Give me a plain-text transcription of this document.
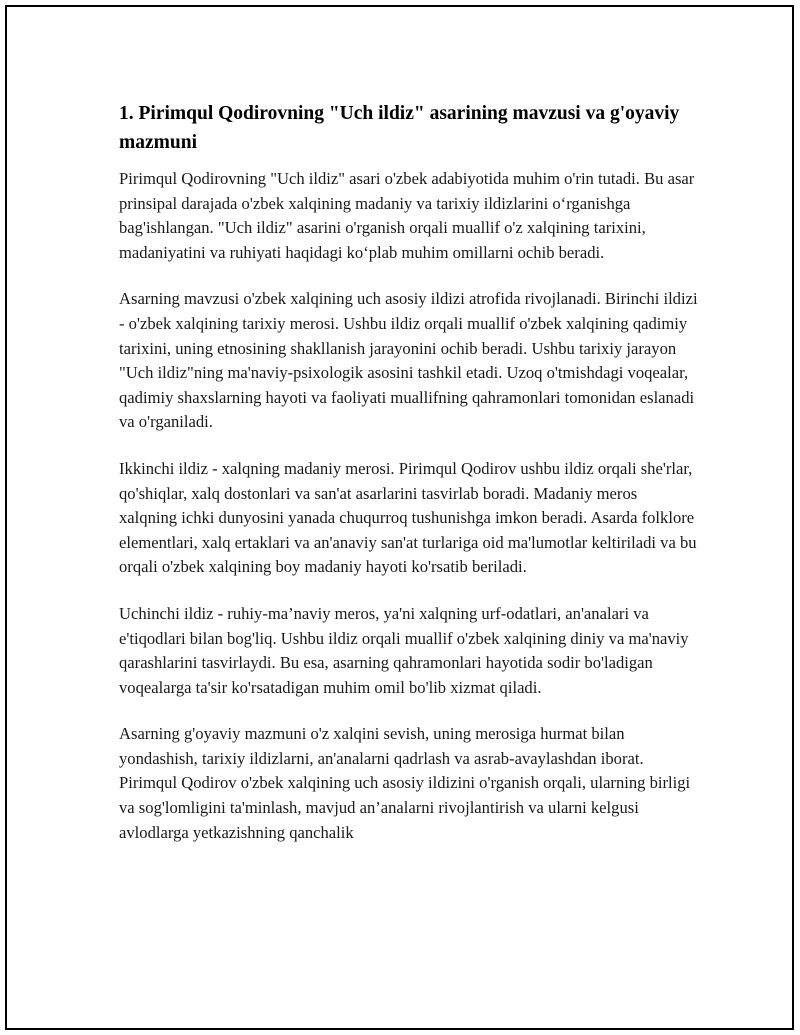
1. Pirimqul Qodirovning "Uch ildiz" asarining mavzusi va g'oyaviy mazmuni

Pirimqul Qodirovning "Uch ildiz" asari o'zbek adabiyotida muhim o'rin tutadi. Bu asar prinsipal darajada o'zbek xalqining madaniy va tarixiy ildizlarini o‘rganishga bag'ishlangan. "Uch ildiz" asarini o'rganish orqali muallif o'z xalqining tarixini, madaniyatini va ruhiyati haqidagi ko‘plab muhim omillarni ochib beradi.

Asarning mavzusi o'zbek xalqining uch asosiy ildizi atrofida rivojlanadi. Birinchi ildizi - o'zbek xalqining tarixiy merosi. Ushbu ildiz orqali muallif o'zbek xalqining qadimiy tarixini, uning etnosining shakllanish jarayonini ochib beradi. Ushbu tarixiy jarayon "Uch ildiz"ning ma'naviy-psixologik asosini tashkil etadi. Uzoq o'tmishdagi voqealar, qadimiy shaxslarning hayoti va faoliyati muallifning qahramonlari tomonidan eslanadi va o'rganiladi.

Ikkinchi ildiz - xalqning madaniy merosi. Pirimqul Qodirov ushbu ildiz orqali she'rlar, qo'shiqlar, xalq dostonlari va san'at asarlarini tasvirlab boradi. Madaniy meros xalqning ichki dunyosini yanada chuqurroq tushunishga imkon beradi. Asarda folklore elementlari, xalq ertaklari va an'anaviy san'at turlariga oid ma'lumotlar keltiriladi va bu orqali o'zbek xalqining boy madaniy hayoti ko'rsatib beriladi.

Uchinchi ildiz - ruhiy-ma’naviy meros, ya'ni xalqning urf-odatlari, an'analari va e'tiqodlari bilan bog'liq. Ushbu ildiz orqali muallif o'zbek xalqining diniy va ma'naviy qarashlarini tasvirlaydi. Bu esa, asarning qahramonlari hayotida sodir bo'ladigan voqealarga ta'sir ko'rsatadigan muhim omil bo'lib xizmat qiladi.

Asarning g'oyaviy mazmuni o'z xalqini sevish, uning merosiga hurmat bilan yondashish, tarixiy ildizlarni, an'analarni qadrlash va asrab-avaylashdan iborat. Pirimqul Qodirov o'zbek xalqining uch asosiy ildizini o'rganish orqali, ularning birligi va sog'lomligini ta'minlash, mavjud an’analarni rivojlantirish va ularni kelgusi avlodlarga yetkazishning qanchalik
